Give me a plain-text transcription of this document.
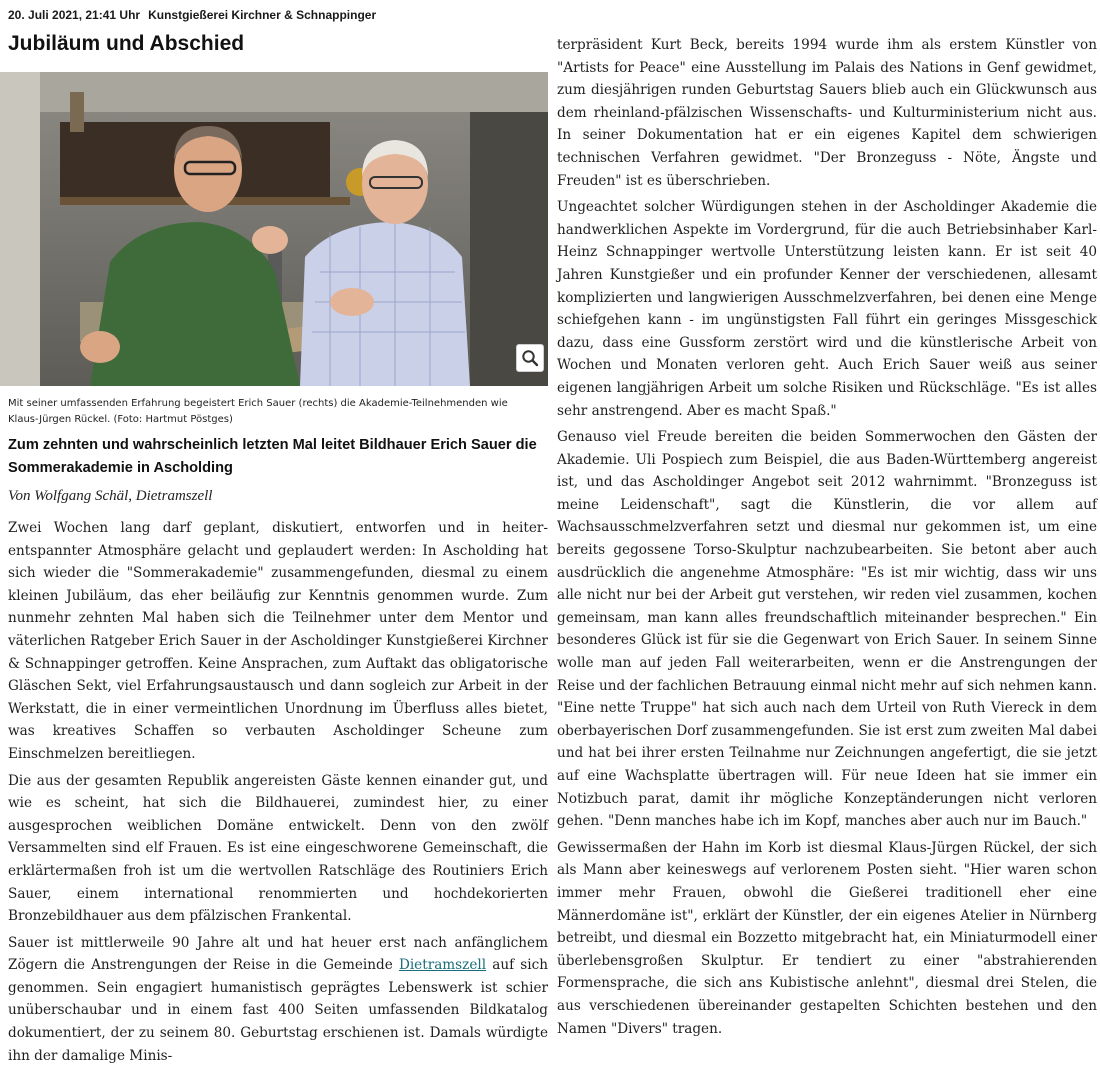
20. Juli 2021, 21:41 Uhr Kunstgießerei Kirchner & Schnappinger
Jubiläum und Abschied

Mit seiner umfassenden Erfahrung begeistert Erich Sauer (rechts) die Akademie-Teilnehmenden wie Klaus-Jürgen Rückel. (Foto: Hartmut Pöstges)

Zum zehnten und wahrscheinlich letzten Mal leitet Bildhauer Erich Sauer die Sommerakademie in Ascholding

Von Wolfgang Schäl, Dietramszell

Zwei Wochen lang darf geplant, diskutiert, entworfen und in heiter-entspannter Atmosphäre gelacht und geplaudert werden: In Ascholding hat sich wieder die "Sommerakademie" zusammengefunden, diesmal zu einem kleinen Jubiläum, das eher beiläufig zur Kenntnis genommen wurde. Zum nunmehr zehnten Mal haben sich die Teilnehmer unter dem Mentor und väterlichen Ratgeber Erich Sauer in der Ascholdinger Kunstgießerei Kirchner & Schnappinger getroffen. Keine Ansprachen, zum Auftakt das obligatorische Gläschen Sekt, viel Erfahrungsaustausch und dann sogleich zur Arbeit in der Werkstatt, die in einer vermeintlichen Unordnung im Überfluss alles bietet, was kreatives Schaffen so verbauten Ascholdinger Scheune zum Einschmelzen bereitliegen.

Die aus der gesamten Republik angereisten Gäste kennen einander gut, und wie es scheint, hat sich die Bildhauerei, zumindest hier, zu einer ausgesprochen weiblichen Domäne entwickelt. Denn von den zwölf Versammelten sind elf Frauen. Es ist eine eingeschworene Gemeinschaft, die erklärtermaßen froh ist um die wertvollen Ratschläge des Routiniers Erich Sauer, einem international renommierten und hochdekorierten Bronzebildhauer aus dem pfälzischen Frankental.

Sauer ist mittlerweile 90 Jahre alt und hat heuer erst nach anfänglichem Zögern die Anstrengungen der Reise in die Gemeinde Dietramszell auf sich genommen. Sein engagiert humanistisch geprägtes Lebenswerk ist schier unüberschaubar und in einem fast 400 Seiten umfassenden Bildkatalog dokumentiert, der zu seinem 80. Geburtstag erschienen ist. Damals würdigte ihn der damalige Minis-

terpräsident Kurt Beck, bereits 1994 wurde ihm als erstem Künstler von "Artists for Peace" eine Ausstellung im Palais des Nations in Genf gewidmet, zum diesjährigen runden Geburtstag Sauers blieb auch ein Glückwunsch aus dem rheinland-pfälzischen Wissenschafts- und Kulturministerium nicht aus. In seiner Dokumentation hat er ein eigenes Kapitel dem schwierigen technischen Verfahren gewidmet. "Der Bronzeguss - Nöte, Ängste und Freuden" ist es überschrieben.

Ungeachtet solcher Würdigungen stehen in der Ascholdinger Akademie die handwerklichen Aspekte im Vordergrund, für die auch Betriebsinhaber Karl-Heinz Schnappinger wertvolle Unterstützung leisten kann. Er ist seit 40 Jahren Kunstgießer und ein profunder Kenner der verschiedenen, allesamt komplizierten und langwierigen Ausschmelzverfahren, bei denen eine Menge schiefgehen kann - im ungünstigsten Fall führt ein geringes Missgeschick dazu, dass eine Gussform zerstört wird und die künstlerische Arbeit von Wochen und Monaten verloren geht. Auch Erich Sauer weiß aus seiner eigenen langjährigen Arbeit um solche Risiken und Rückschläge. "Es ist alles sehr anstrengend. Aber es macht Spaß."

Genauso viel Freude bereiten die beiden Sommerwochen den Gästen der Akademie. Uli Pospiech zum Beispiel, die aus Baden-Württemberg angereist ist, und das Ascholdinger Angebot seit 2012 wahrnimmt. "Bronzeguss ist meine Leidenschaft", sagt die Künstlerin, die vor allem auf Wachsausschmelzverfahren setzt und diesmal nur gekommen ist, um eine bereits gegossene Torso-Skulptur nachzubearbeiten. Sie betont aber auch ausdrücklich die angenehme Atmosphäre: "Es ist mir wichtig, dass wir uns alle nicht nur bei der Arbeit gut verstehen, wir reden viel zusammen, kochen gemeinsam, man kann alles freundschaftlich miteinander besprechen." Ein besonderes Glück ist für sie die Gegenwart von Erich Sauer. In seinem Sinne wolle man auf jeden Fall weiterarbeiten, wenn er die Anstrengungen der Reise und der fachlichen Betrauung einmal nicht mehr auf sich nehmen kann. "Eine nette Truppe" hat sich auch nach dem Urteil von Ruth Viereck in dem oberbayerischen Dorf zusammengefunden. Sie ist erst zum zweiten Mal dabei und hat bei ihrer ersten Teilnahme nur Zeichnungen angefertigt, die sie jetzt auf eine Wachsplatte übertragen will. Für neue Ideen hat sie immer ein Notizbuch parat, damit ihr mögliche Konzeptänderungen nicht verloren gehen. "Denn manches habe ich im Kopf, manches aber auch nur im Bauch."

Gewissermaßen der Hahn im Korb ist diesmal Klaus-Jürgen Rückel, der sich als Mann aber keineswegs auf verlorenem Posten sieht. "Hier waren schon immer mehr Frauen, obwohl die Gießerei traditionell eher eine Männerdomäne ist", erklärt der Künstler, der ein eigenes Atelier in Nürnberg betreibt, und diesmal ein Bozzetto mitgebracht hat, ein Miniaturmodell einer überlebensgroßen Skulptur. Er tendiert zu einer "abstrahierenden Formensprache, die sich ans Kubistische anlehnt", diesmal drei Stelen, die aus verschiedenen übereinander gestapelten Schichten bestehen und den Namen "Divers" tragen.
